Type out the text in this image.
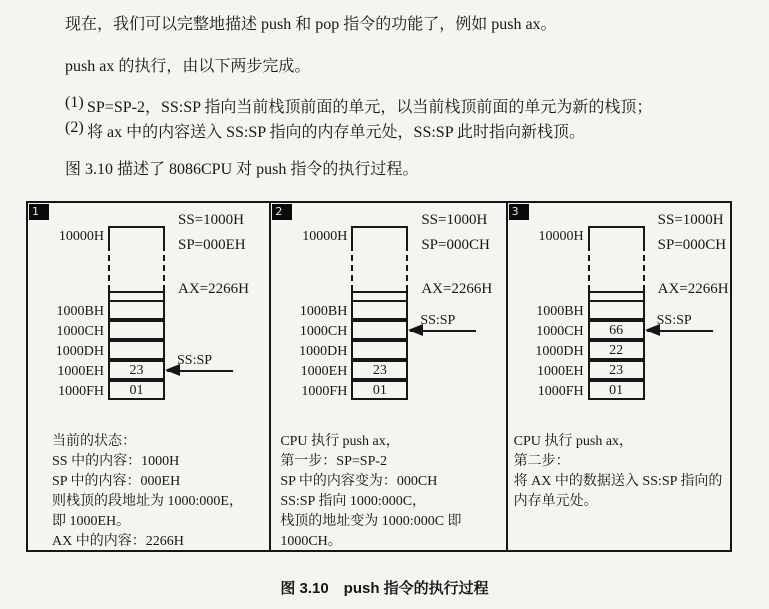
现在，我们可以完整地描述 push 和 pop 指令的功能了，例如 push ax。

push ax 的执行，由以下两步完成。

(1) SP=SP-2，SS:SP 指向当前栈顶前面的单元，以当前栈顶前面的单元为新的栈顶；
(2) 将 ax 中的内容送入 SS:SP 指向的内存单元处，SS:SP 此时指向新栈顶。

图 3.10 描述了 8086CPU 对 push 指令的执行过程。

1
10000H
1000BH
1000CH
1000DH
1000EH	23
1000FH	01
SS=1000H
SP=000EH
AX=2266H
SS:SP
当前的状态：
SS 中的内容：1000H
SP 中的内容：000EH
则栈顶的段地址为 1000:000E，
即 1000EH。
AX 中的内容：2266H
2
10000H
1000BH
1000CH
1000DH
1000EH	23
1000FH	01
SS=1000H
SP=000CH
AX=2266H
SS:SP
CPU 执行 push ax，
第一步：SP=SP-2
SP 中的内容变为：000CH
SS:SP 指向 1000:000C，
栈顶的地址变为 1000:000C 即
1000CH。
3
10000H
1000BH
1000CH	66
1000DH	22
1000EH	23
1000FH	01
SS=1000H
SP=000CH
AX=2266H
SS:SP
CPU 执行 push ax，
第二步：
将 AX 中的数据送入 SS:SP 指向的
内存单元处。
图 3.10　push 指令的执行过程
